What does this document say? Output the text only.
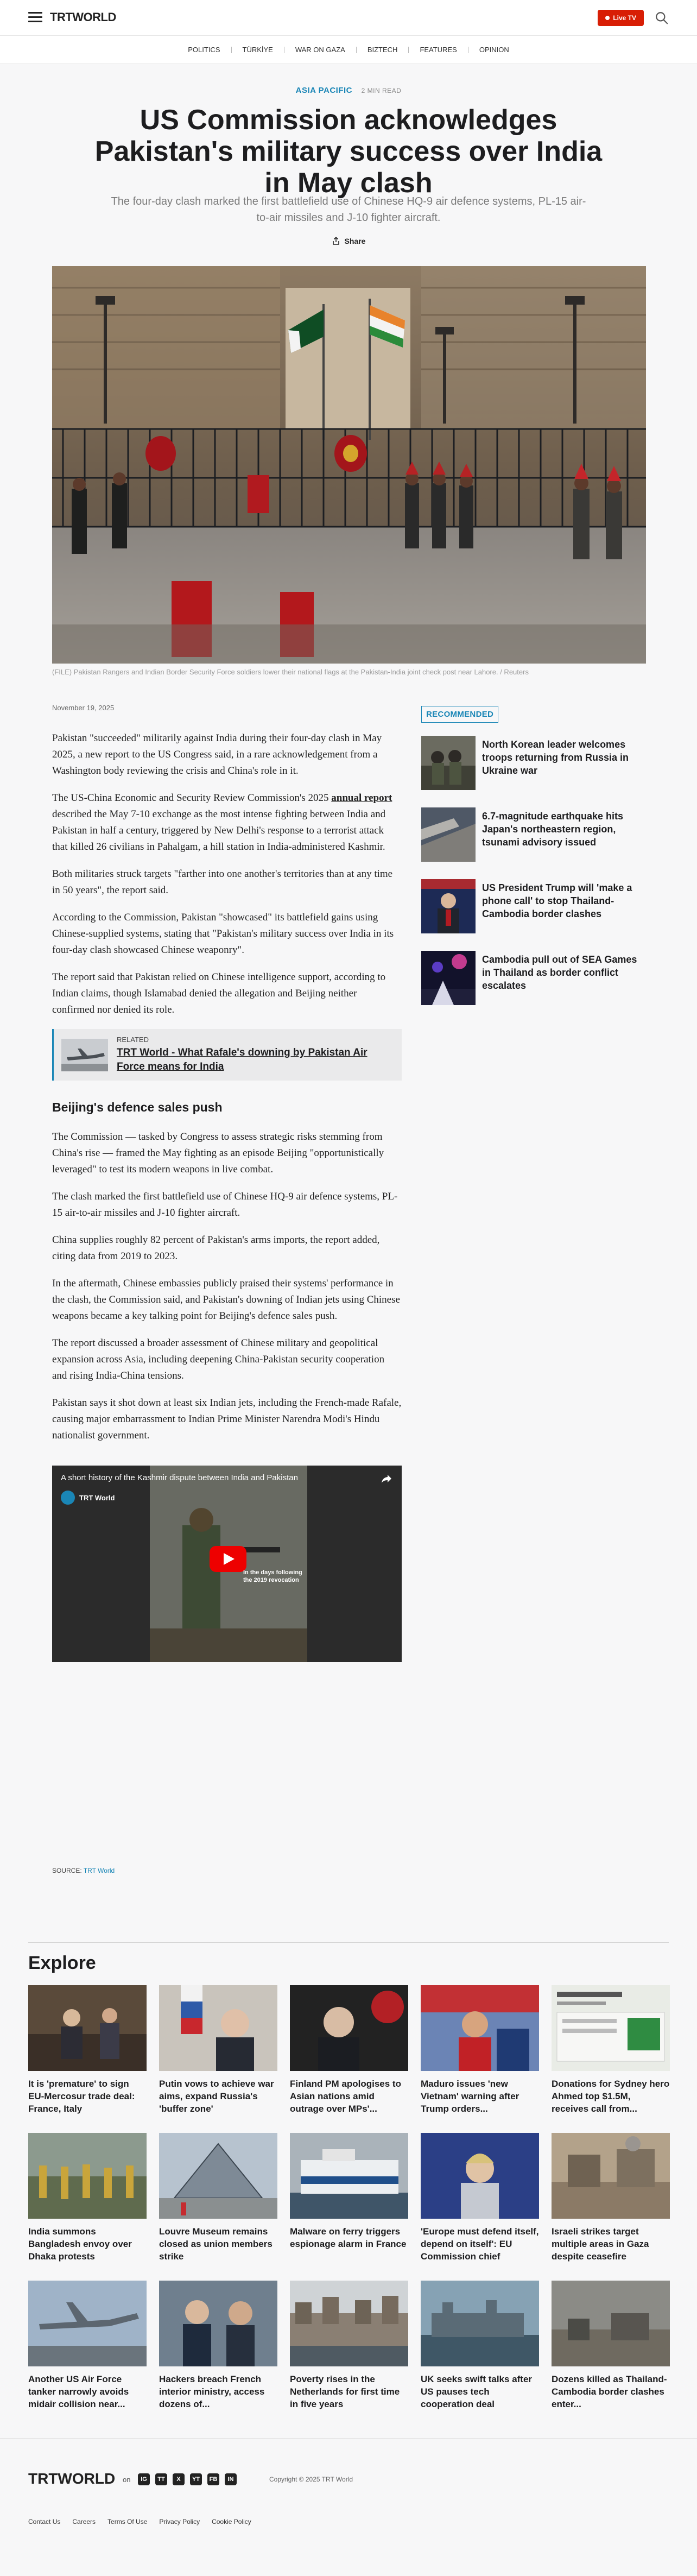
TRTWORLD	Live TV
POLITICS	TÜRKİYE	WAR ON GAZA	BIZTECH	FEATURES	OPINION
ASIA PACIFIC 2 MIN READ
US Commission acknowledges Pakistan's military success over India in May clash

The four-day clash marked the first battlefield use of Chinese HQ-9 air defence systems, PL-15 air-to-air missiles and J-10 fighter aircraft.

Share
(FILE) Pakistan Rangers and Indian Border Security Force soldiers lower their national flags at the Pakistan-India joint check post near Lahore. / Reuters
November 19, 2025

Pakistan "succeeded" militarily against India during their four-day clash in May 2025, a new report to the US Congress said, in a rare acknowledgement from a Washington body reviewing the crisis and China's role in it.

The US-China Economic and Security Review Commission's 2025 annual report described the May 7-10 exchange as the most intense fighting between India and Pakistan in half a century, triggered by New Delhi's response to a terrorist attack that killed 26 civilians in Pahalgam, a hill station in India-administered Kashmir.

Both militaries struck targets "farther into one another's territories than at any time in 50 years", the report said.

According to the Commission, Pakistan "showcased" its battlefield gains using Chinese-supplied systems, stating that "Pakistan's military success over India in its four-day clash showcased Chinese weaponry".

The report said that Pakistan relied on Chinese intelligence support, according to Indian claims, though Islamabad denied the allegation and Beijing neither confirmed nor denied its role.

RELATED
TRT World - What Rafale's downing by Pakistan Air Force means for India
Beijing's defence sales push

The Commission — tasked by Congress to assess strategic risks stemming from China's rise — framed the May fighting as an episode Beijing "opportunistically leveraged" to test its modern weapons in live combat.

The clash marked the first battlefield use of Chinese HQ-9 air defence systems, PL-15 air-to-air missiles and J-10 fighter aircraft.

China supplies roughly 82 percent of Pakistan's arms imports, the report added, citing data from 2019 to 2023.

In the aftermath, Chinese embassies publicly praised their systems' performance in the clash, the Commission said, and Pakistan's downing of Indian jets using Chinese weapons became a key talking point for Beijing's defence sales push.

The report discussed a broader assessment of Chinese military and geopolitical expansion across Asia, including deepening China-Pakistan security cooperation and rising India-China tensions.

Pakistan says it shot down at least six Indian jets, including the French-made Rafale, causing major embarrassment to Indian Prime Minister Narendra Modi's Hindu nationalist government.

A short history of the Kashmir dispute between India and Pakistan
TRT World
In the days following the 2019 revocation
SOURCE: TRT World
RECOMMENDED
North Korean leader welcomes troops returning from Russia in Ukraine war
6.7-magnitude earthquake hits Japan's northeastern region, tsunami advisory issued
US President Trump will 'make a phone call' to stop Thailand-Cambodia border clashes
Cambodia pull out of SEA Games in Thailand as border conflict escalates
Explore
It is 'premature' to sign EU-Mercosur trade deal: France, Italy
Putin vows to achieve war aims, expand Russia's 'buffer zone'
Finland PM apologises to Asian nations amid outrage over MPs'...
Maduro issues 'new Vietnam' warning after Trump orders...
Donations for Sydney hero Ahmed top $1.5M, receives call from...
India summons Bangladesh envoy over Dhaka protests
Louvre Museum remains closed as union members strike
Malware on ferry triggers espionage alarm in France
'Europe must defend itself, depend on itself': EU Commission chief
Israeli strikes target multiple areas in Gaza despite ceasefire
Another US Air Force tanker narrowly avoids midair collision near...
Hackers breach French interior ministry, access dozens of...
Poverty rises in the Netherlands for first time in five years
UK seeks swift talks after US pauses tech cooperation deal
Dozens killed as Thailand-Cambodia border clashes enter...
TRTWORLD on	IG	TT	X	YT	FB	IN	Copyright © 2025 TRT World
Contact Us Careers Terms Of Use Privacy Policy Cookie Policy
